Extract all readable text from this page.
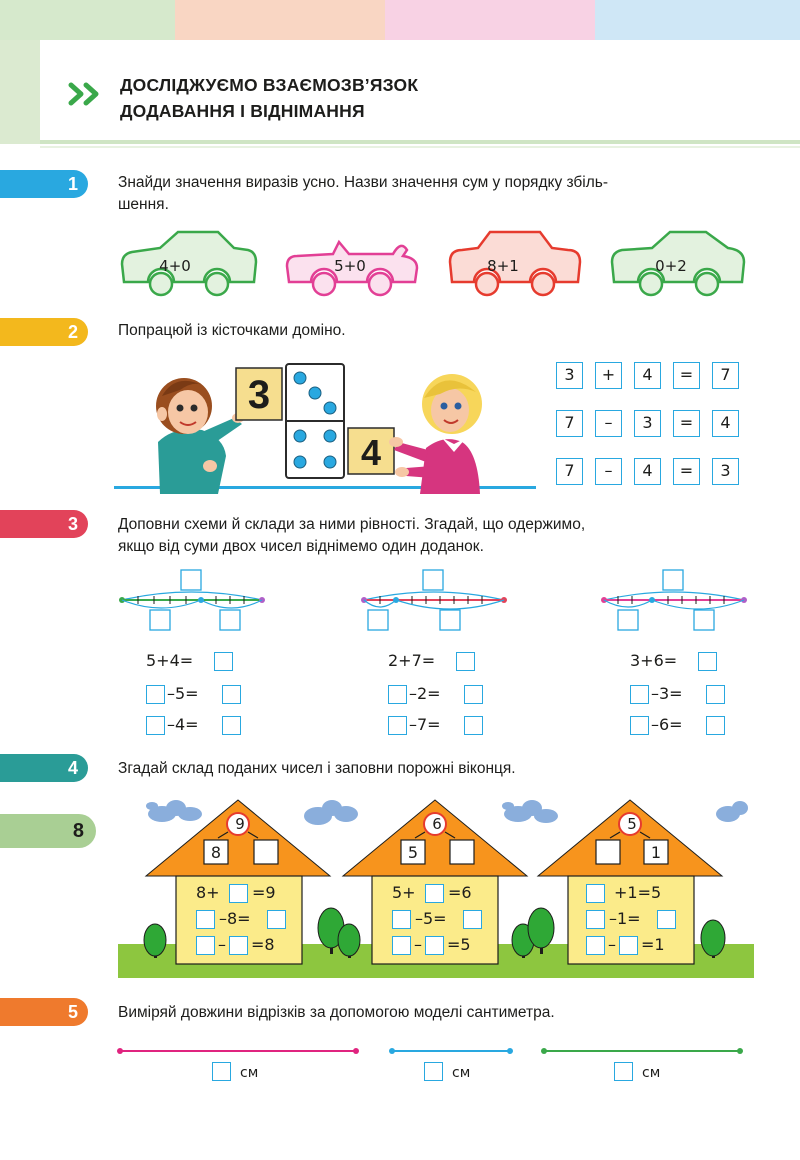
ДОСЛІДЖУЄМО ВЗАЄМОЗВ’ЯЗОК
ДОДАВАННЯ І ВІДНІМАННЯ
1	Знайди значення виразів усно. Назви значення сум у порядку збіль-
шення.
4+0	5+0	8+1	0+2
2	Попрацюй із кісточками доміно.
3
4
3	+	4	=	7
7	–	3	=	4
7	–	4	=	3
3	Доповни схеми й склади за ними рівності. Згадай, що одержимо,
якщо від суми двох чисел віднімемо один доданок.
5+4=
–5=
–4=
2+7=
–2=
–7=
3+6=
–3=
–6=
4	Згадай склад поданих чисел і заповни порожні віконця.
9
8
8+ =9
–8=
– =8
6
5
5+ =6
–5=
– =5
5
1
+1=5
–1=
– =1
5	Виміряй довжини відрізків за допомогою моделі сантиметра.
см	см	см
8
